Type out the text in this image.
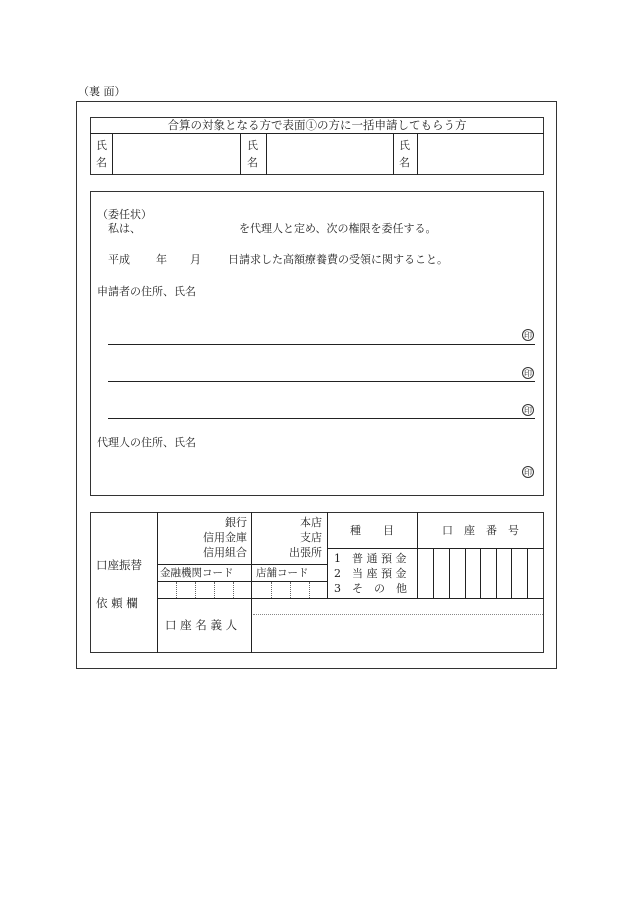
（裏 面）
合算の対象となる方で表面①の方に一括申請してもらう方
氏
名
氏
名
氏
名
（委任状）
私は、	を代理人と定め、次の権限を委任する。
平成 年 月 日請求した高額療養費の受領に関すること。
申請者の住所、氏名
印
印
印
代理人の住所、氏名
印
口座振替
依 頼 欄
銀行
信用金庫
信用組合
本店
支店
出張所
種　　目	口　座　番　号
金融機関コード 店舗コード
1　普 通 預 金
2　当 座 預 金
3　そ　の　他
口 座 名 義 人
